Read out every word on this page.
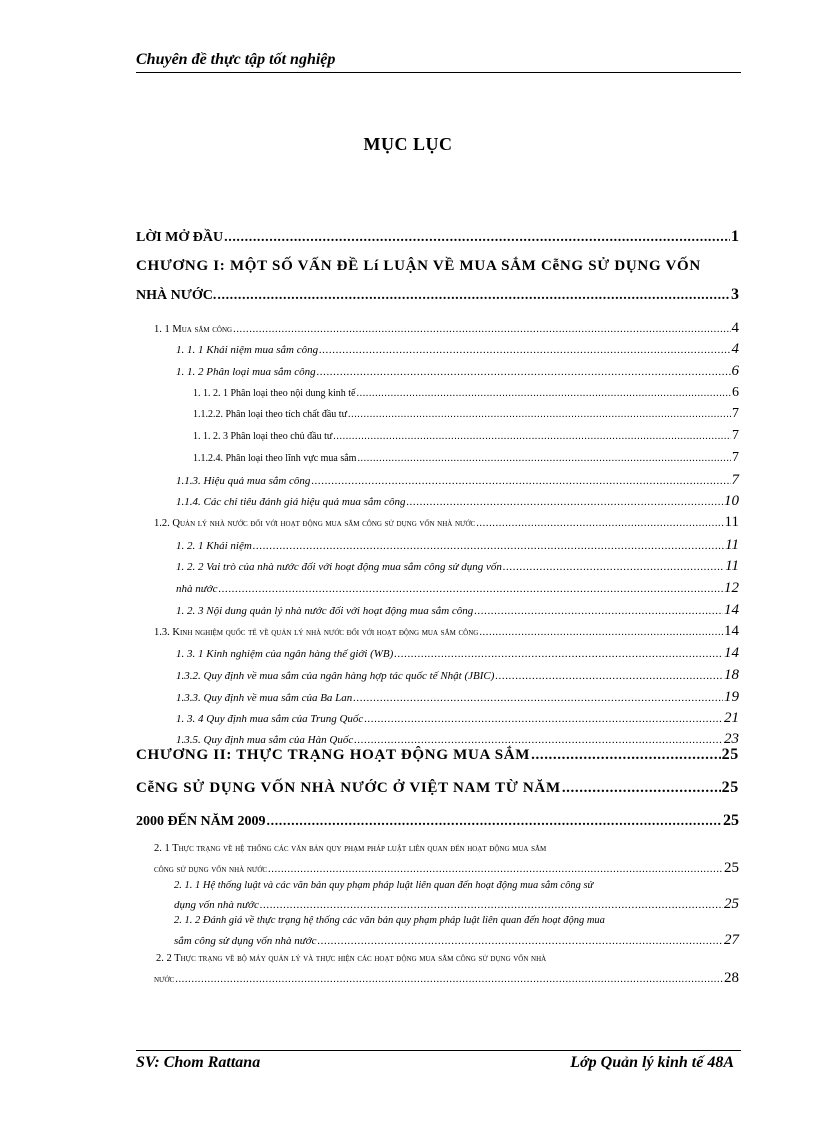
Chuyên đề thực tập tốt nghiệp
MỤC LỤC
LỜI MỞ ĐẦU .....	1
CHƯƠNG I: MỘT SỐ VẤN ĐỀ Lí LUẬN VỀ MUA SẮM CễNG SỬ DỤNG VỐN
NHÀ NƯỚC. .....	3
1. 1 Mua sắm công .....	4
1. 1. 1 Khái niệm mua sắm công .....	4
1. 1. 2 Phân loại mua sắm công .....	6
1. 1. 2. 1 Phân loại theo nội dung kinh tế .....	6
1.1.2.2. Phân loại theo tích chất đầu tư .....	7
1. 1. 2. 3 Phân loại theo chủ đầu tư .....	7
1.1.2.4. Phân loại theo lĩnh vực mua sắm .....	7
1.1.3. Hiệu quả mua sắm công .....	7
1.1.4. Các chỉ tiêu đánh giá hiệu quả mua sắm công .....	10
1.2. Quản lý nhà nước đối với hoạt động mua sắm công sử dụng vốn nhà nước .....	11
1. 2. 1 Khái niệm .....	11
1. 2. 2 Vai trò của nhà nước đối với hoạt động mua sắm công sử dụng vốn .....	11
nhà nước .....	12
1. 2. 3 Nội dung quản lý nhà nước đối với hoạt động mua sắm công .....	14
1.3. Kinh nghiệm quốc tế về quản lý nhà nước đối với hoạt động mua sắm công .....	14
1. 3. 1 Kinh nghiệm của ngân hàng thế giới (WB) .....	14
1.3.2. Quy định về mua sắm của ngân hàng hợp tác quốc tế Nhật (JBIC) .....	18
1.3.3. Quy định về mua sắm của Ba Lan .....	19
1. 3. 4 Quy định mua sắm của Trung Quốc .....	21
1.3.5. Quy định mua sắm của Hàn Quốc .....	23
CHƯƠNG II: THỰC TRẠNG HOẠT ĐỘNG MUA SẮM .....	25
CễNG SỬ DỤNG VỐN NHÀ NƯỚC Ở VIỆT NAM TỪ NĂM .....	25
2000 ĐẾN NĂM 2009 .....	25
2. 1 Thực trạng về hệ thống các văn bản quy phạm pháp luật liên quan đến hoạt động mua sắm
công sử dụng vốn nhà nước .....	25
2. 1. 1 Hệ thống luật và các văn bản quy phạm pháp luật liên quan đến hoạt động mua sắm công sử
dụng vốn nhà nước .....	25
2. 1. 2 Đánh giá về thực trạng hệ thống các văn bản quy phạm pháp luật liên quan đến hoạt động mua
sắm công sử dụng vốn nhà nước .....	27
2. 2 Thực trạng về bộ máy quản lý và thực hiện các hoạt động mua sắm công sử dụng vốn nhà
nước .....	28
SV: Chom Rattana	Lớp Quản lý kinh tế 48A
